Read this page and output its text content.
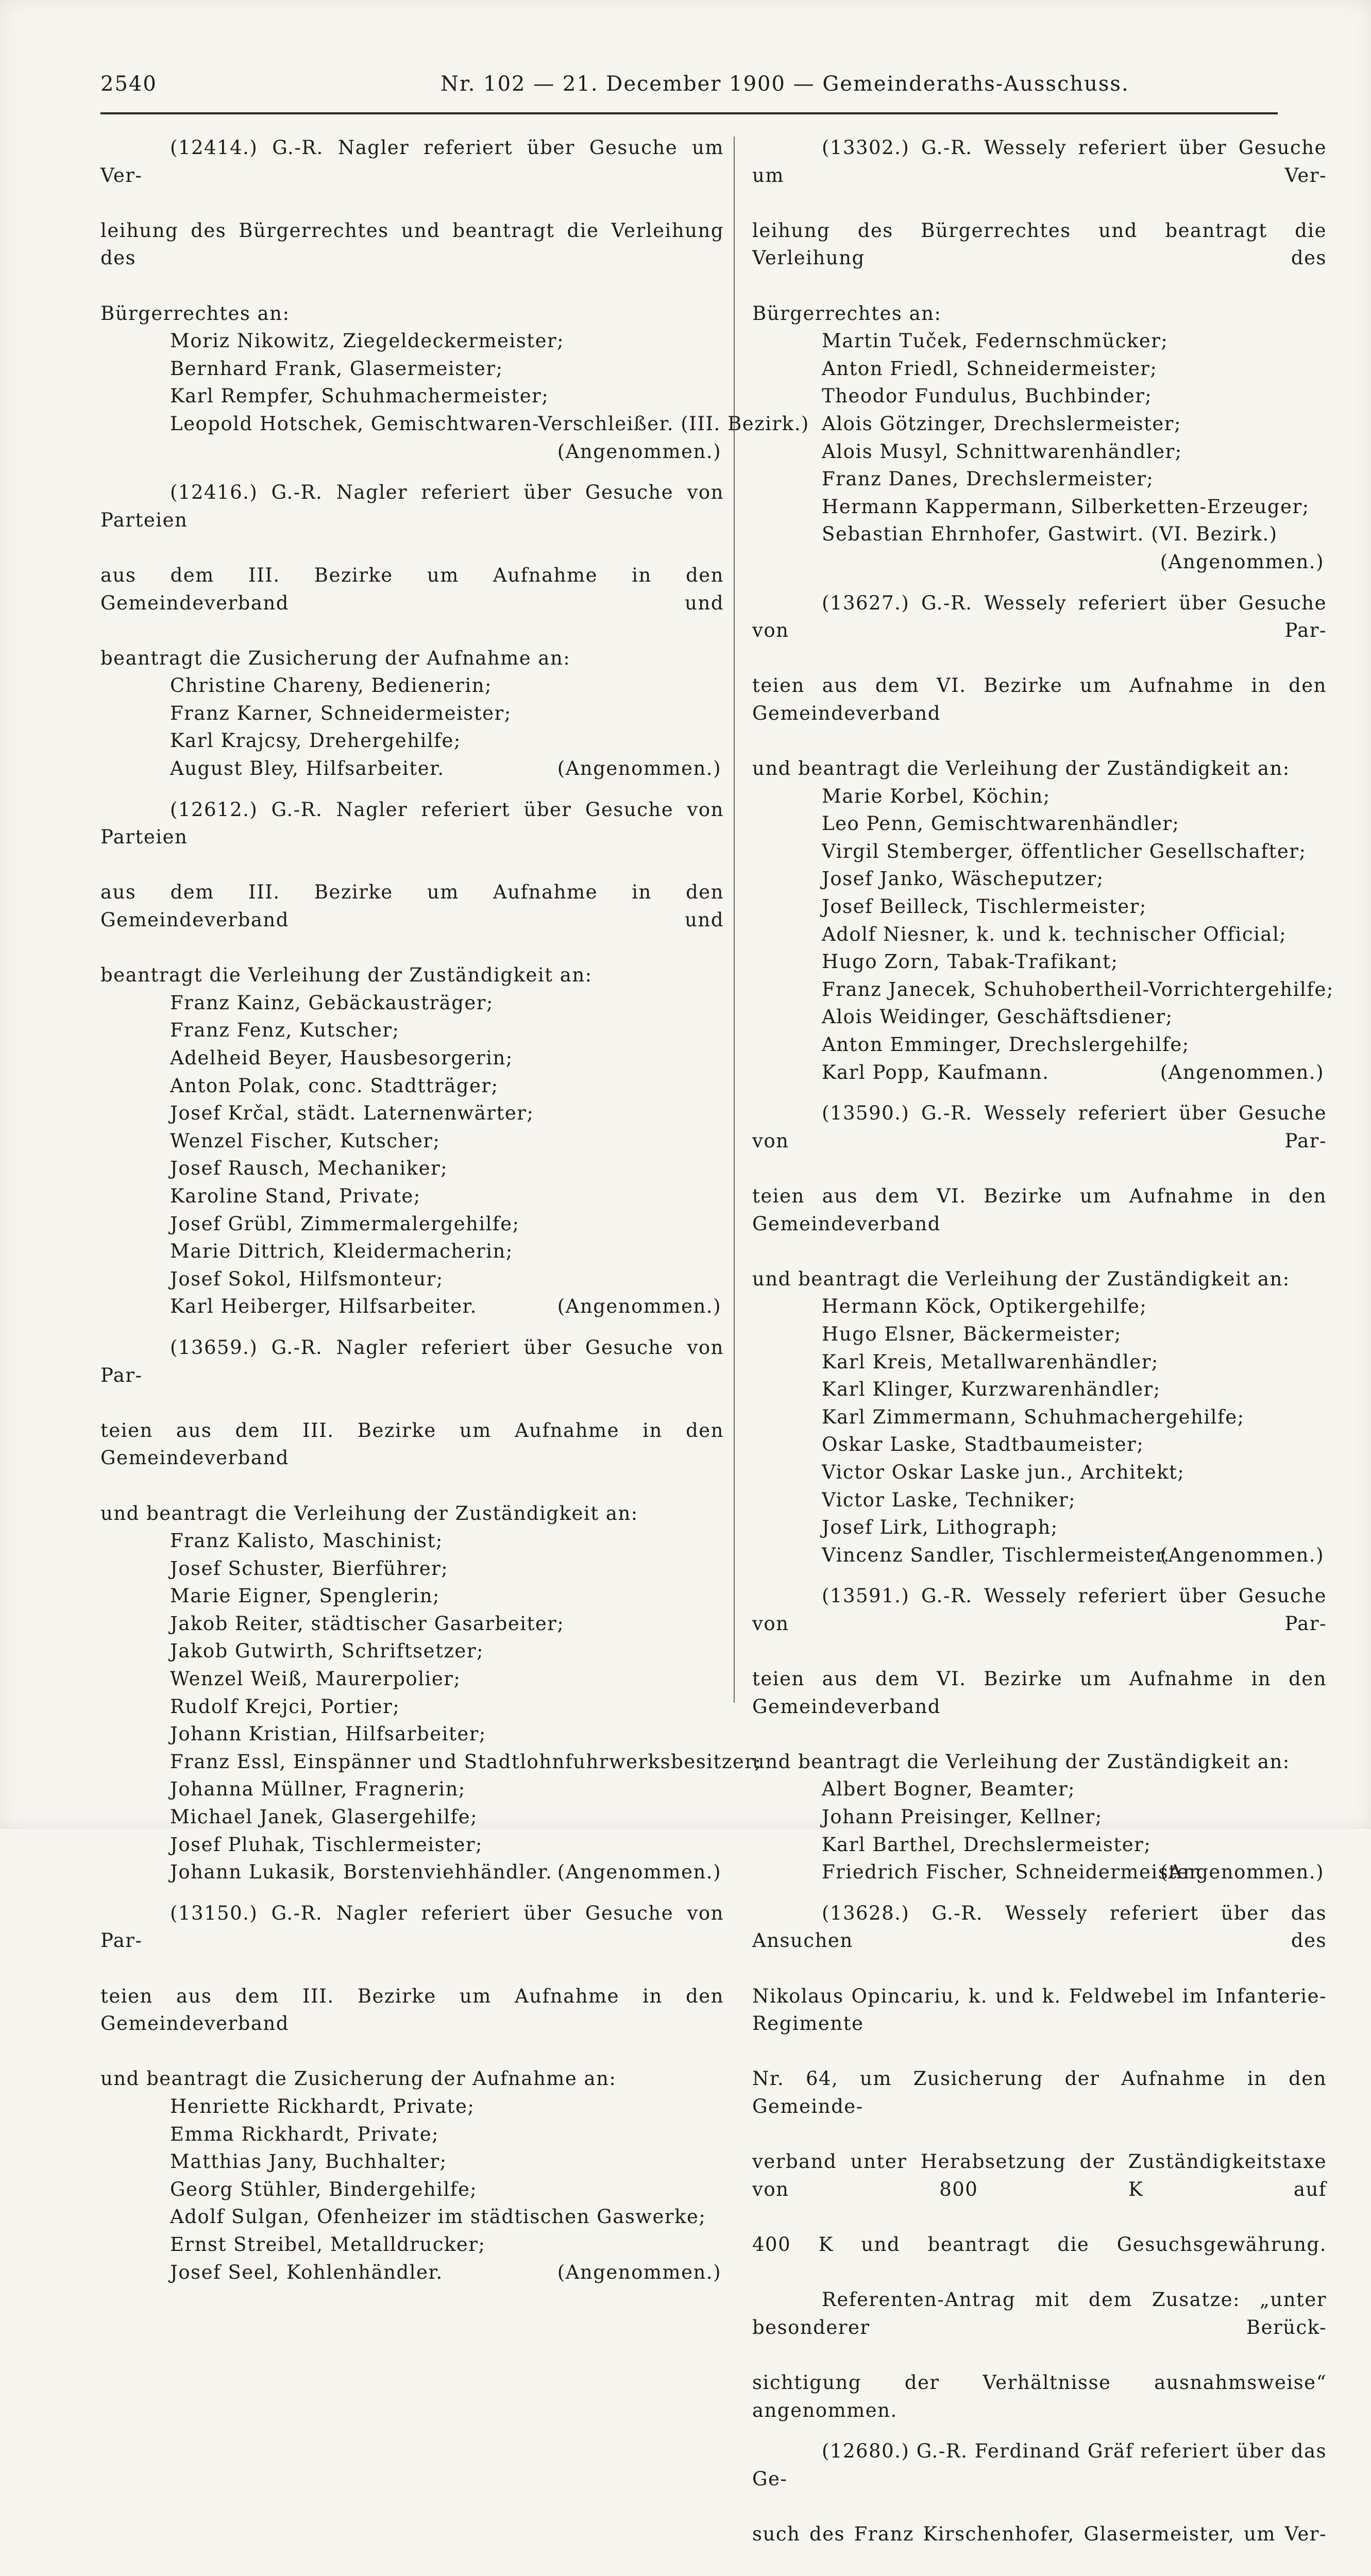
2540	Nr. 102 — 21. December 1900 — Gemeinderaths-Ausschuss.

(12414.) G.-R. Nagler referiert über Gesuche um Ver-

leihung des Bürgerrechtes und beantragt die Verleihung des

Bürgerrechtes an:

Moriz Nikowitz, Ziegeldeckermeister;
Bernhard Frank, Glasermeister;
Karl Rempfer, Schuhmachermeister;
Leopold Hotschek, Gemischtwaren-Verschleißer. (III. Bezirk.)

(Angenommen.)

(12416.) G.-R. Nagler referiert über Gesuche von Parteien

aus dem III. Bezirke um Aufnahme in den Gemeindeverband und

beantragt die Zusicherung der Aufnahme an:

Christine Chareny, Bedienerin;
Franz Karner, Schneidermeister;
Karl Krajcsy, Drehergehilfe;
August Bley, Hilfsarbeiter.	(Angenommen.)

(12612.) G.-R. Nagler referiert über Gesuche von Parteien

aus dem III. Bezirke um Aufnahme in den Gemeindeverband und

beantragt die Verleihung der Zuständigkeit an:

Franz Kainz, Gebäckausträger;
Franz Fenz, Kutscher;
Adelheid Beyer, Hausbesorgerin;
Anton Polak, conc. Stadtträger;
Josef Krčal, städt. Laternenwärter;
Wenzel Fischer, Kutscher;
Josef Rausch, Mechaniker;
Karoline Stand, Private;
Josef Grübl, Zimmermalergehilfe;
Marie Dittrich, Kleidermacherin;
Josef Sokol, Hilfsmonteur;
Karl Heiberger, Hilfsarbeiter.	(Angenommen.)

(13659.) G.-R. Nagler referiert über Gesuche von Par-

teien aus dem III. Bezirke um Aufnahme in den Gemeindeverband

und beantragt die Verleihung der Zuständigkeit an:

Franz Kalisto, Maschinist;
Josef Schuster, Bierführer;
Marie Eigner, Spenglerin;
Jakob Reiter, städtischer Gasarbeiter;
Jakob Gutwirth, Schriftsetzer;
Wenzel Weiß, Maurerpolier;
Rudolf Krejci, Portier;
Johann Kristian, Hilfsarbeiter;
Franz Essl, Einspänner und Stadtlohnfuhrwerksbesitzer;
Johanna Müllner, Fragnerin;
Michael Janek, Glasergehilfe;
Josef Pluhak, Tischlermeister;
Johann Lukasik, Borstenviehhändler. (Angenommen.)

(13150.) G.-R. Nagler referiert über Gesuche von Par-

teien aus dem III. Bezirke um Aufnahme in den Gemeindeverband

und beantragt die Zusicherung der Aufnahme an:

Henriette Rickhardt, Private;
Emma Rickhardt, Private;
Matthias Jany, Buchhalter;
Georg Stühler, Bindergehilfe;
Adolf Sulgan, Ofenheizer im städtischen Gaswerke;
Ernst Streibel, Metalldrucker;
Josef Seel, Kohlenhändler.	(Angenommen.)

(13302.) G.-R. Wessely referiert über Gesuche um Ver-

leihung des Bürgerrechtes und beantragt die Verleihung des

Bürgerrechtes an:

Martin Tuček, Federnschmücker;
Anton Friedl, Schneidermeister;
Theodor Fundulus, Buchbinder;
Alois Götzinger, Drechslermeister;
Alois Musyl, Schnittwarenhändler;
Franz Danes, Drechslermeister;
Hermann Kappermann, Silberketten-Erzeuger;
Sebastian Ehrnhofer, Gastwirt. (VI. Bezirk.)

(Angenommen.)

(13627.) G.-R. Wessely referiert über Gesuche von Par-

teien aus dem VI. Bezirke um Aufnahme in den Gemeindeverband

und beantragt die Verleihung der Zuständigkeit an:

Marie Korbel, Köchin;
Leo Penn, Gemischtwarenhändler;
Virgil Stemberger, öffentlicher Gesellschafter;
Josef Janko, Wäscheputzer;
Josef Beilleck, Tischlermeister;
Adolf Niesner, k. und k. technischer Official;
Hugo Zorn, Tabak-Trafikant;
Franz Janecek, Schuhobertheil-Vorrichtergehilfe;
Alois Weidinger, Geschäftsdiener;
Anton Emminger, Drechslergehilfe;
Karl Popp, Kaufmann.	(Angenommen.)

(13590.) G.-R. Wessely referiert über Gesuche von Par-

teien aus dem VI. Bezirke um Aufnahme in den Gemeindeverband

und beantragt die Verleihung der Zuständigkeit an:

Hermann Köck, Optikergehilfe;
Hugo Elsner, Bäckermeister;
Karl Kreis, Metallwarenhändler;
Karl Klinger, Kurzwarenhändler;
Karl Zimmermann, Schuhmachergehilfe;
Oskar Laske, Stadtbaumeister;
Victor Oskar Laske jun., Architekt;
Victor Laske, Techniker;
Josef Lirk, Lithograph;
Vincenz Sandler, Tischlermeister.
(Angenommen.)

(13591.) G.-R. Wessely referiert über Gesuche von Par-

teien aus dem VI. Bezirke um Aufnahme in den Gemeindeverband

und beantragt die Verleihung der Zuständigkeit an:

Albert Bogner, Beamter;
Johann Preisinger, Kellner;
Karl Barthel, Drechslermeister;
Friedrich Fischer, Schneidermeister.
(Angenommen.)

(13628.) G.-R. Wessely referiert über das Ansuchen des

Nikolaus Opincariu, k. und k. Feldwebel im Infanterie-Regimente

Nr. 64, um Zusicherung der Aufnahme in den Gemeinde-

verband unter Herabsetzung der Zuständigkeitstaxe von 800 K auf

400 K und beantragt die Gesuchsgewährung.

Referenten-Antrag mit dem Zusatze: „unter besonderer Berück-

sichtigung der Verhältnisse ausnahmsweise“ angenommen.

(12680.) G.-R. Ferdinand Gräf referiert über das Ge-

such des Franz Kirschenhofer, Glasermeister, um Ver-
